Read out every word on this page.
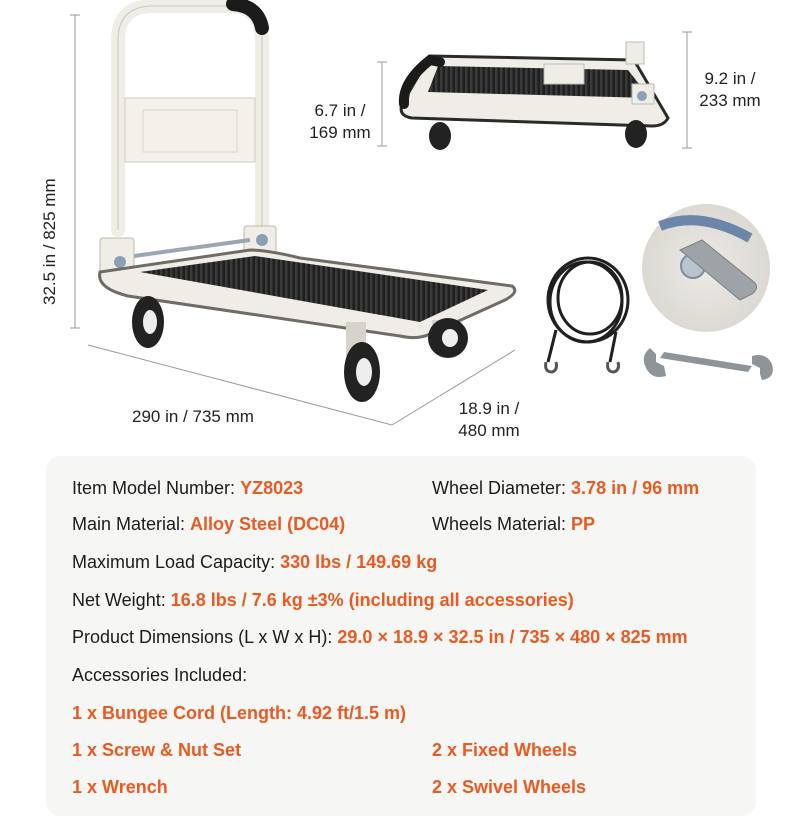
32.5 in / 825 mm
6.7 in /
169 mm
9.2 in /
233 mm
290 in / 735 mm	18.9 in /
480 mm
Item Model Number: YZ8023	Wheel Diameter: 3.78 in / 96 mm
Main Material: Alloy Steel (DC04)	Wheels Material: PP
Maximum Load Capacity: 330 lbs / 149.69 kg
Net Weight: 16.8 lbs / 7.6 kg ±3% (including all accessories)
Product Dimensions (L x W x H): 29.0 × 18.9 × 32.5 in / 735 × 480 × 825 mm
Accessories Included:
1 x Bungee Cord (Length: 4.92 ft/1.5 m)
1 x Screw & Nut Set	2 x Fixed Wheels
1 x Wrench	2 x Swivel Wheels
